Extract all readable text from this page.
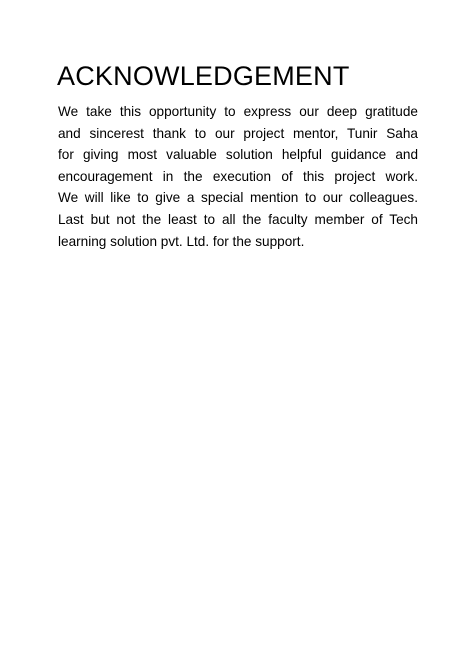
ACKNOWLEDGEMENT

We take this opportunity to express our deep gratitude
and sincerest thank to our project mentor, Tunir Saha
for giving most valuable solution helpful guidance and
encouragement in the execution of this project work.
We will like to give a special mention to our colleagues.
Last but not the least to all the faculty member of Tech
learning solution pvt. Ltd. for the support.
